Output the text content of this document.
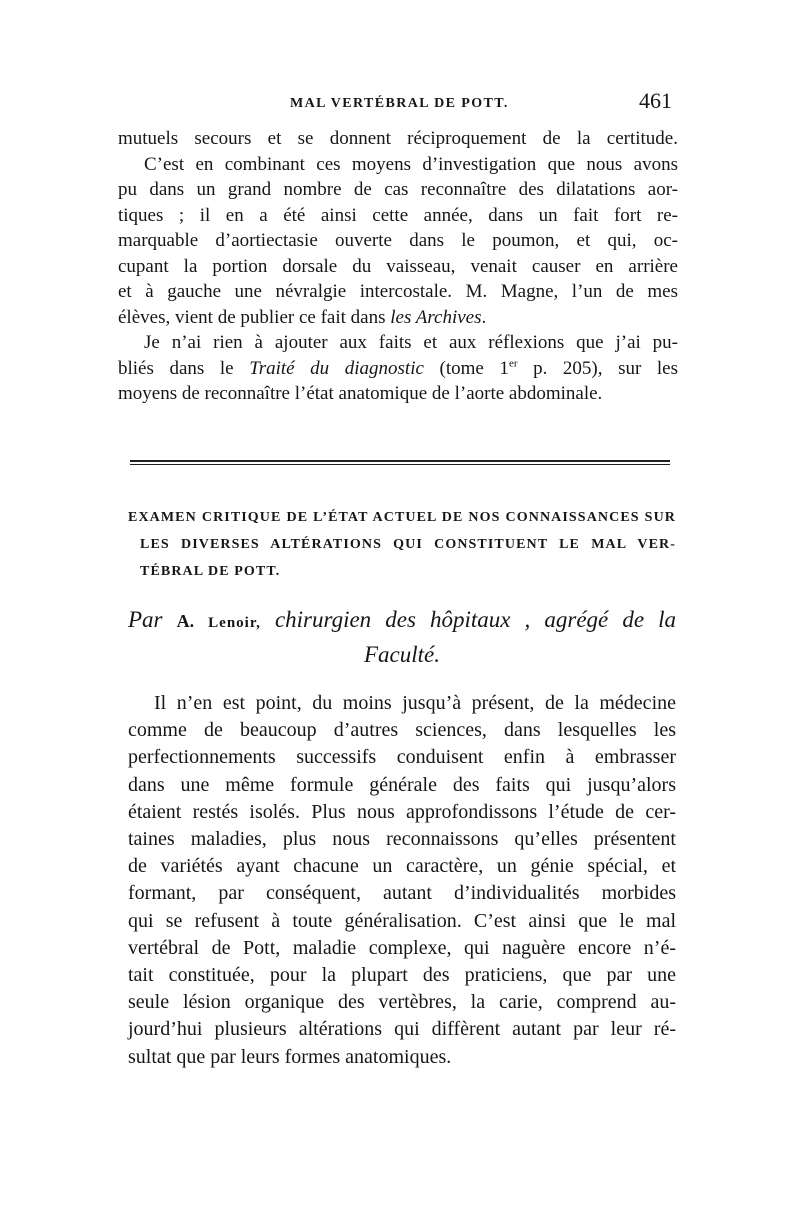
MAL VERTÉBRAL DE POTT.	461
mutuels secours et se donnent réciproquement de la certitude.
C’est en combinant ces moyens d’investigation que nous avons
pu dans un grand nombre de cas reconnaître des dilatations aor-
tiques ; il en a été ainsi cette année, dans un fait fort re-
marquable d’aortiectasie ouverte dans le poumon, et qui, oc-
cupant la portion dorsale du vaisseau, venait causer en arrière
et à gauche une névralgie intercostale. M. Magne, l’un de mes
élèves, vient de publier ce fait dans les Archives.
Je n’ai rien à ajouter aux faits et aux réflexions que j’ai pu-
bliés dans le Traité du diagnostic (tome 1er p. 205), sur les
moyens de reconnaître l’état anatomique de l’aorte abdominale.
EXAMEN CRITIQUE DE L’ÉTAT ACTUEL DE NOS CONNAISSANCES SUR
LES DIVERSES ALTÉRATIONS QUI CONSTITUENT LE MAL VER-
TÉBRAL DE POTT.
Par A. Lenoir, chirurgien des hôpitaux , agrégé de la
Faculté.
Il n’en est point, du moins jusqu’à présent, de la médecine
comme de beaucoup d’autres sciences, dans lesquelles les
perfectionnements successifs conduisent enfin à embrasser
dans une même formule générale des faits qui jusqu’alors
étaient restés isolés. Plus nous approfondissons l’étude de cer-
taines maladies, plus nous reconnaissons qu’elles présentent
de variétés ayant chacune un caractère, un génie spécial, et
formant, par conséquent, autant d’individualités morbides
qui se refusent à toute généralisation. C’est ainsi que le mal
vertébral de Pott, maladie complexe, qui naguère encore n’é-
tait constituée, pour la plupart des praticiens, que par une
seule lésion organique des vertèbres, la carie, comprend au-
jourd’hui plusieurs altérations qui diffèrent autant par leur ré-
sultat que par leurs formes anatomiques.
